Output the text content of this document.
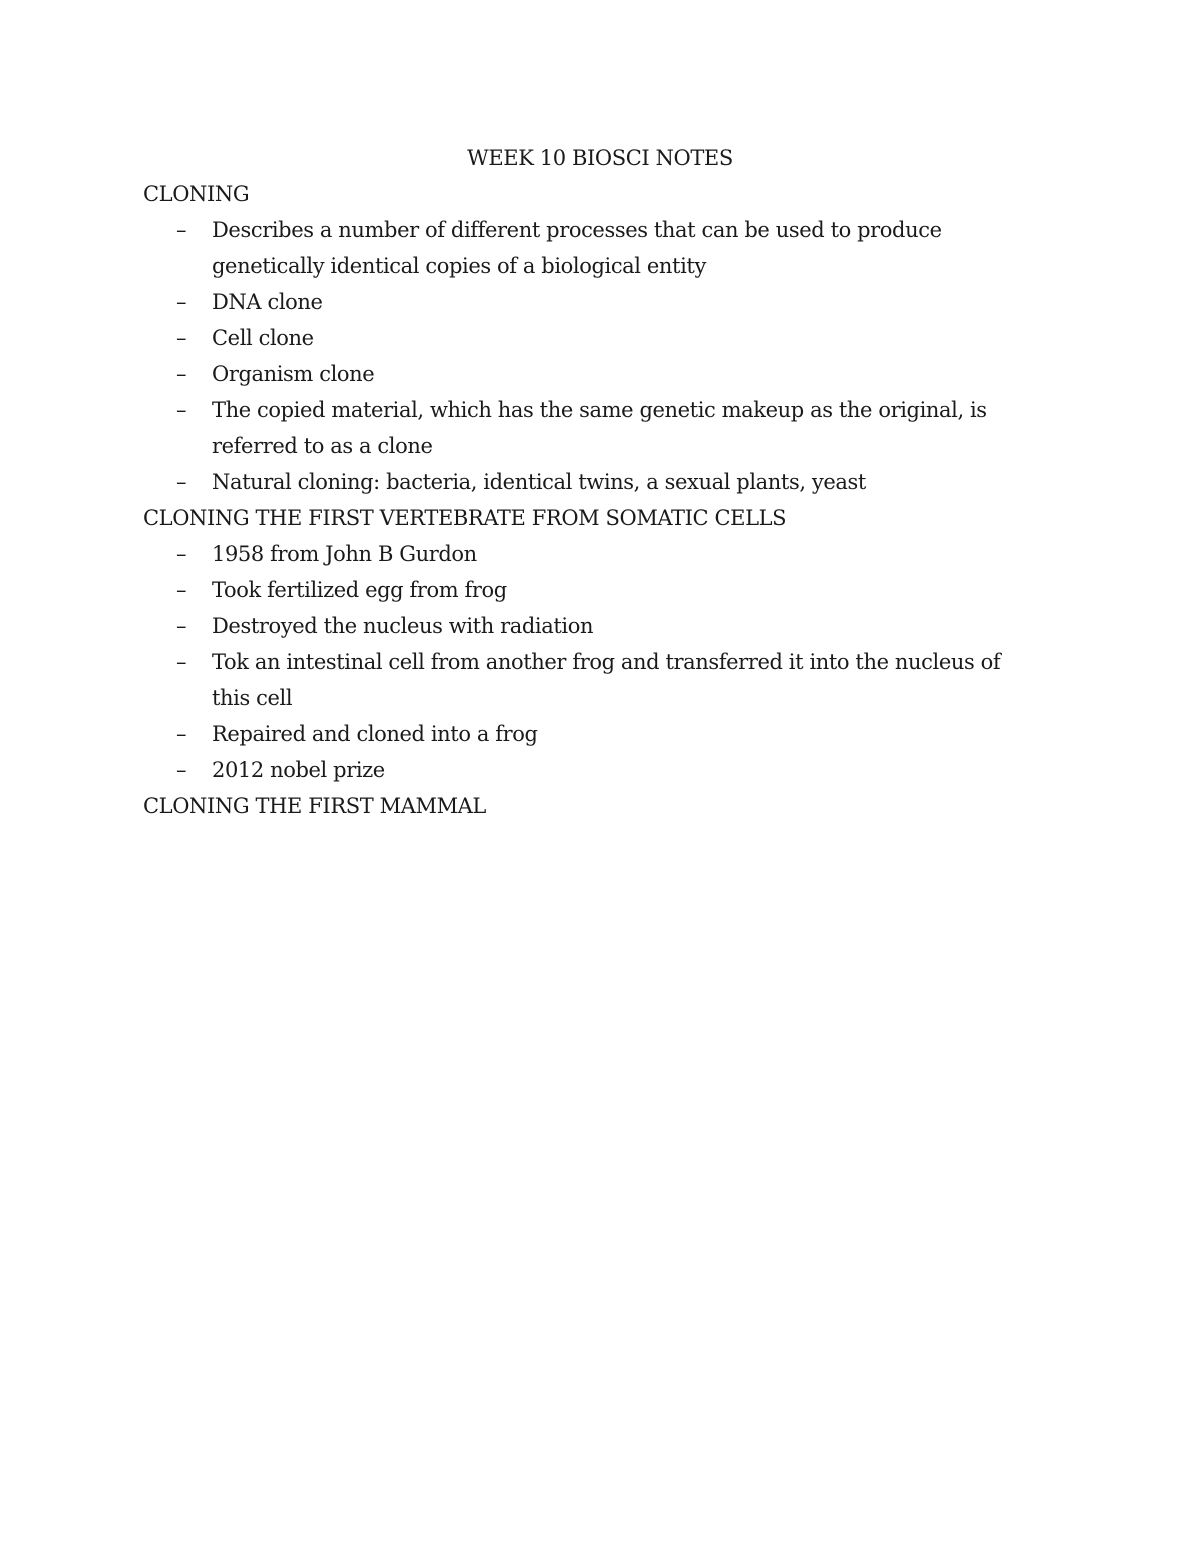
WEEK 10 BIOSCI NOTES
CLONING
– Describes a number of different processes that can be used to produce genetically identical copies of a biological entity
– DNA clone
– Cell clone
– Organism clone
– The copied material, which has the same genetic makeup as the original, is referred to as a clone
– Natural cloning: bacteria, identical twins, a sexual plants, yeast
CLONING THE FIRST VERTEBRATE FROM SOMATIC CELLS
– 1958 from John B Gurdon
– Took fertilized egg from frog
– Destroyed the nucleus with radiation
– Tok an intestinal cell from another frog and transferred it into the nucleus of this cell
– Repaired and cloned into a frog
– 2012 nobel prize
CLONING THE FIRST MAMMAL
